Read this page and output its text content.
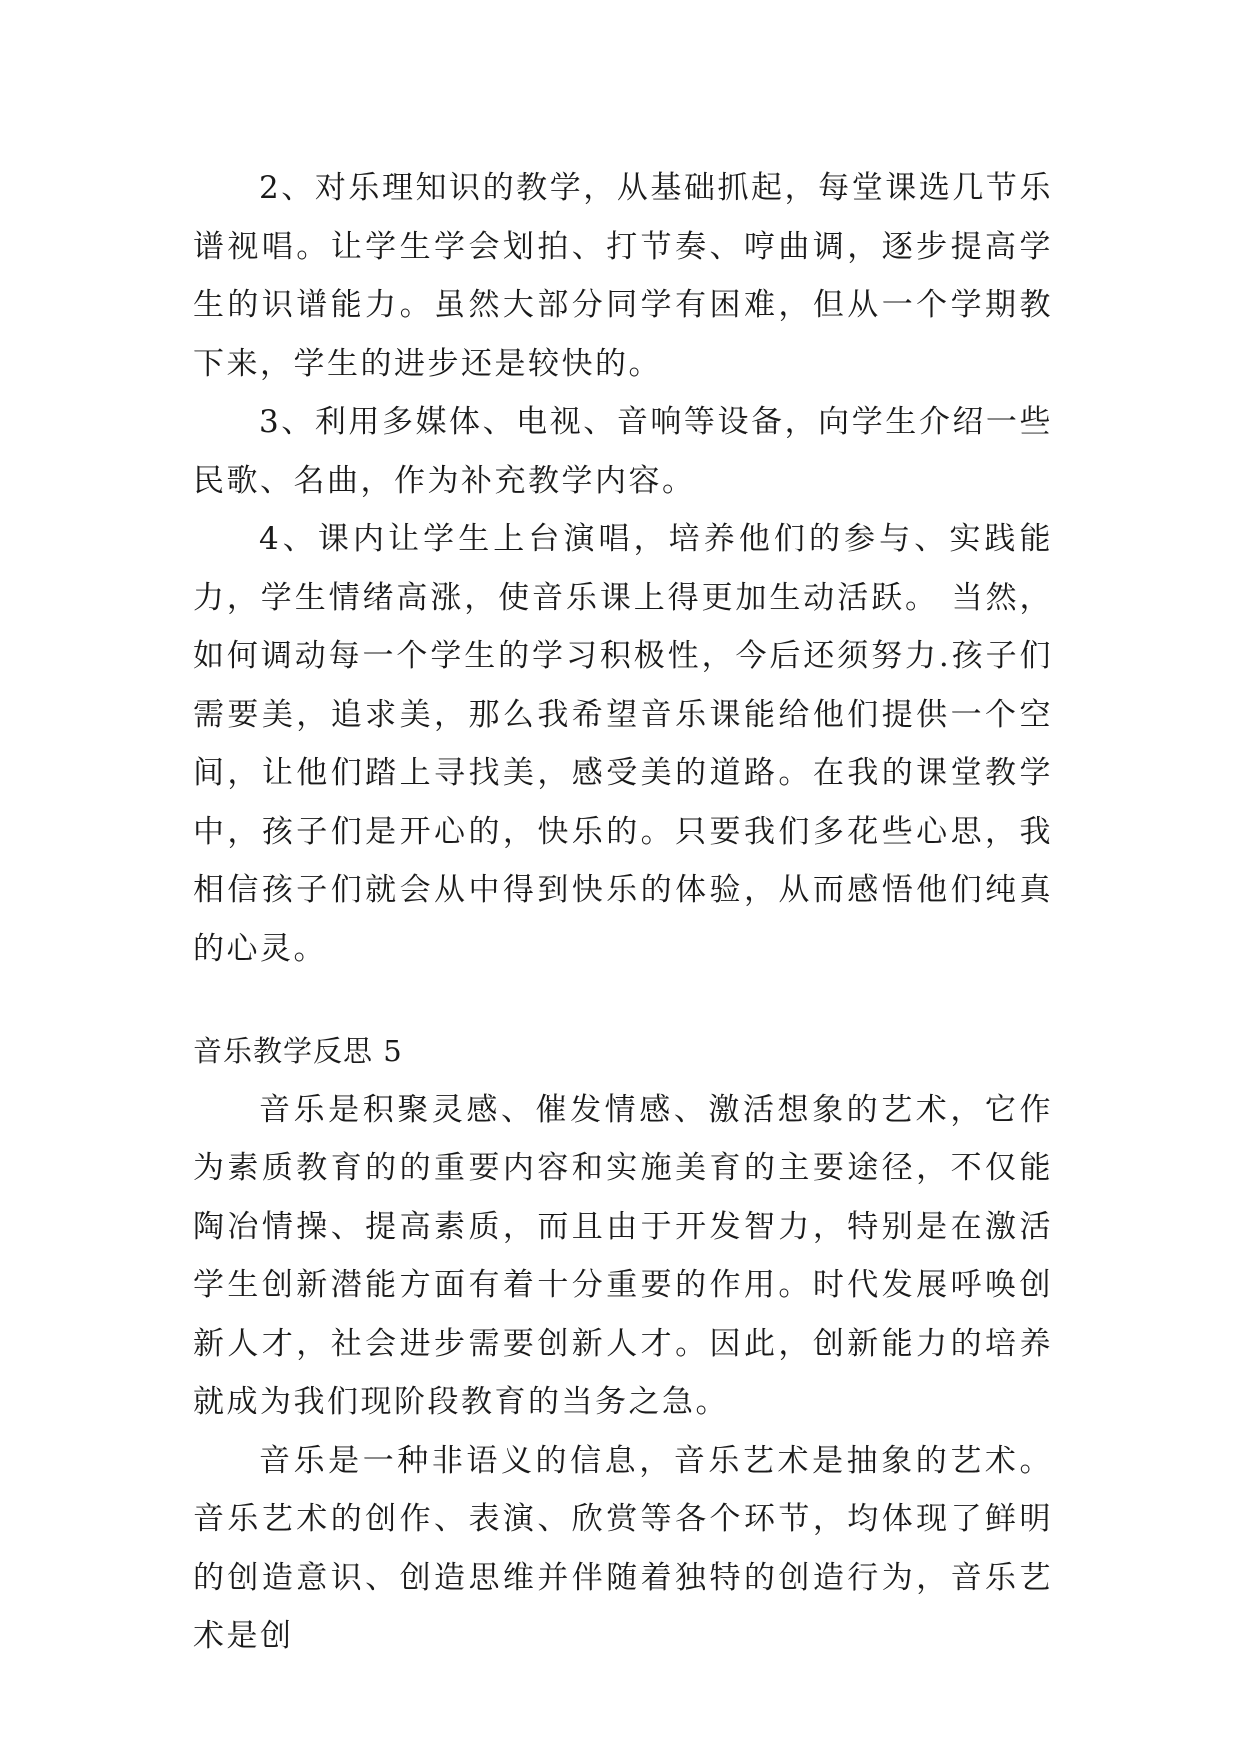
2、对乐理知识的教学，从基础抓起，每堂课选几节乐谱视唱。让学生学会划拍、打节奏、哼曲调，逐步提高学生的识谱能力。虽然大部分同学有困难，但从一个学期教下来，学生的进步还是较快的。

3、利用多媒体、电视、音响等设备，向学生介绍一些民歌、名曲，作为补充教学内容。

4、课内让学生上台演唱，培养他们的参与、实践能力，学生情绪高涨，使音乐课上得更加生动活跃。 当然，如何调动每一个学生的学习积极性，今后还须努力.孩子们需要美，追求美，那么我希望音乐课能给他们提供一个空间，让他们踏上寻找美，感受美的道路。在我的课堂教学中，孩子们是开心的，快乐的。只要我们多花些心思，我相信孩子们就会从中得到快乐的体验，从而感悟他们纯真的心灵。

音乐教学反思 5

音乐是积聚灵感、催发情感、激活想象的艺术，它作为素质教育的的重要内容和实施美育的主要途径，不仅能陶冶情操、提高素质，而且由于开发智力，特别是在激活学生创新潜能方面有着十分重要的作用。时代发展呼唤创新人才，社会进步需要创新人才。因此，创新能力的培养就成为我们现阶段教育的当务之急。

音乐是一种非语义的信息，音乐艺术是抽象的艺术。音乐艺术的创作、表演、欣赏等各个环节，均体现了鲜明的创造意识、创造思维并伴随着独特的创造行为，音乐艺术是创
